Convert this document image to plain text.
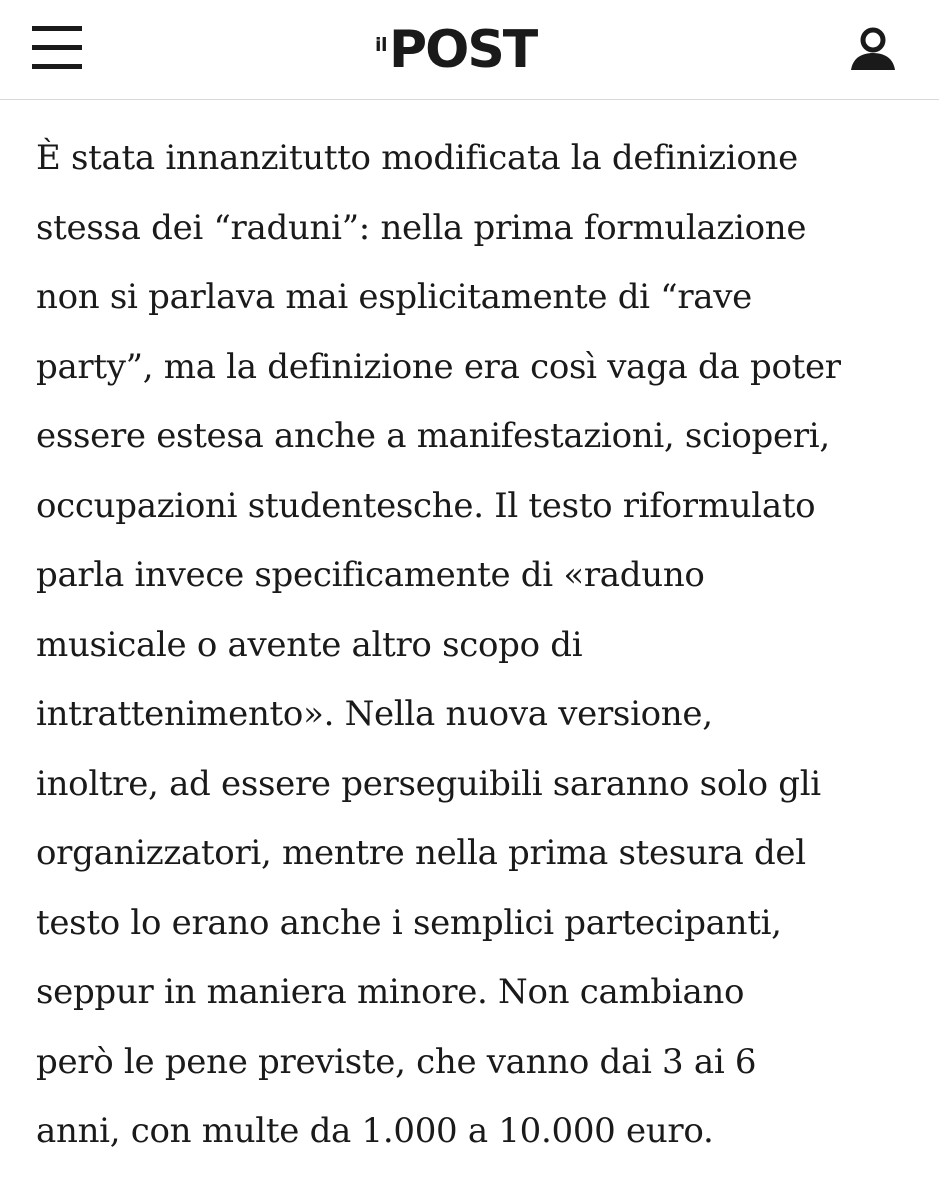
il POST

È stata innanzitutto modificata la definizione
stessa dei “raduni”: nella prima formulazione
non si parlava mai esplicitamente di “rave
party”, ma la definizione era così vaga da poter
essere estesa anche a manifestazioni, scioperi,
occupazioni studentesche. Il testo riformulato
parla invece specificamente di «raduno
musicale o avente altro scopo di
intrattenimento». Nella nuova versione,
inoltre, ad essere perseguibili saranno solo gli
organizzatori, mentre nella prima stesura del
testo lo erano anche i semplici partecipanti,
seppur in maniera minore. Non cambiano
però le pene previste, che vanno dai 3 ai 6
anni, con multe da 1.000 a 10.000 euro.
